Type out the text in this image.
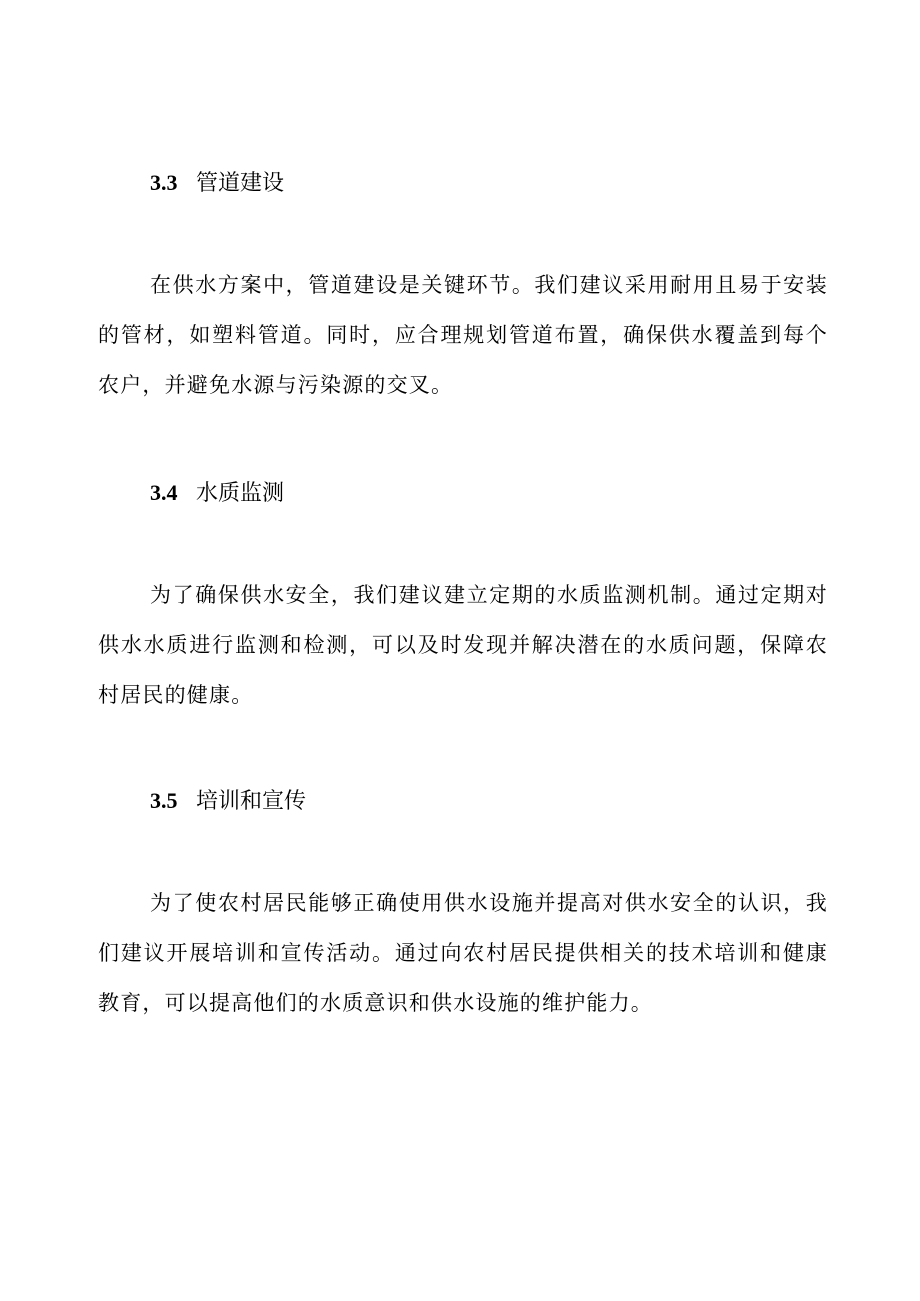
3.3 管道建设

在供水方案中，管道建设是关键环节。我们建议采用耐用且易于安装的管材，如塑料管道。同时，应合理规划管道布置，确保供水覆盖到每个农户，并避免水源与污染源的交叉。

3.4 水质监测

为了确保供水安全，我们建议建立定期的水质监测机制。通过定期对供水水质进行监测和检测，可以及时发现并解决潜在的水质问题，保障农村居民的健康。

3.5 培训和宣传

为了使农村居民能够正确使用供水设施并提高对供水安全的认识，我们建议开展培训和宣传活动。通过向农村居民提供相关的技术培训和健康教育，可以提高他们的水质意识和供水设施的维护能力。
